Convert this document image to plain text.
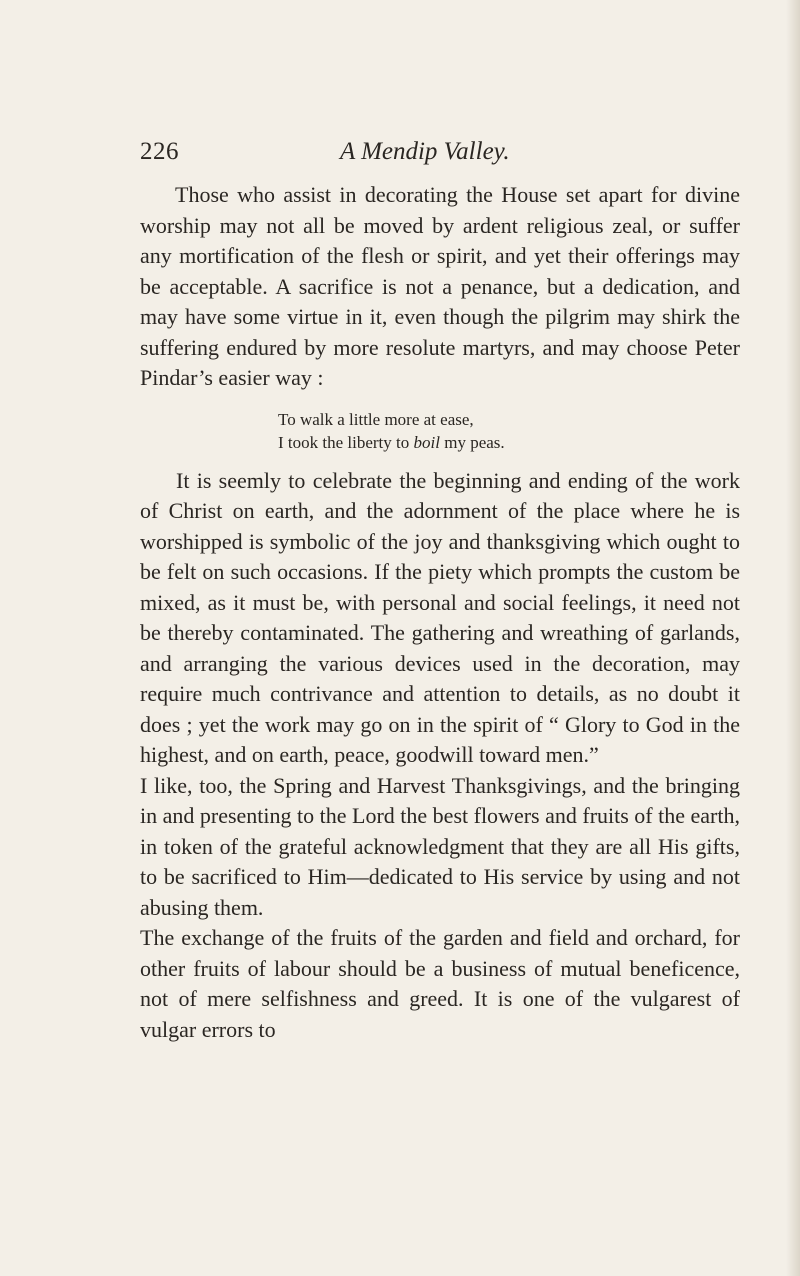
226	A Mendip Valley.

Those who assist in decorating the House set apart for divine worship may not all be moved by ardent religious zeal, or suffer any mortification of the flesh or spirit, and yet their offerings may be acceptable. A sacrifice is not a penance, but a dedication, and may have some virtue in it, even though the pilgrim may shirk the suffering endured by more resolute martyrs, and may choose Peter Pindar’s easier way :

To walk a little more at ease,
I took the liberty to boil my peas.

It is seemly to celebrate the beginning and ending of the work of Christ on earth, and the adornment of the place where he is worshipped is symbolic of the joy and thanksgiving which ought to be felt on such occasions. If the piety which prompts the custom be mixed, as it must be, with personal and social feelings, it need not be thereby contaminated. The gathering and wreathing of garlands, and arranging the various devices used in the decoration, may require much contrivance and attention to details, as no doubt it does ; yet the work may go on in the spirit of “ Glory to God in the highest, and on earth, peace, goodwill toward men.”

I like, too, the Spring and Harvest Thanksgivings, and the bringing in and presenting to the Lord the best flowers and fruits of the earth, in token of the grateful acknowledgment that they are all His gifts, to be sacrificed to Him—dedicated to His service by using and not abusing them.

The exchange of the fruits of the garden and field and orchard, for other fruits of labour should be a business of mutual beneficence, not of mere selfishness and greed. It is one of the vulgarest of vulgar errors to
